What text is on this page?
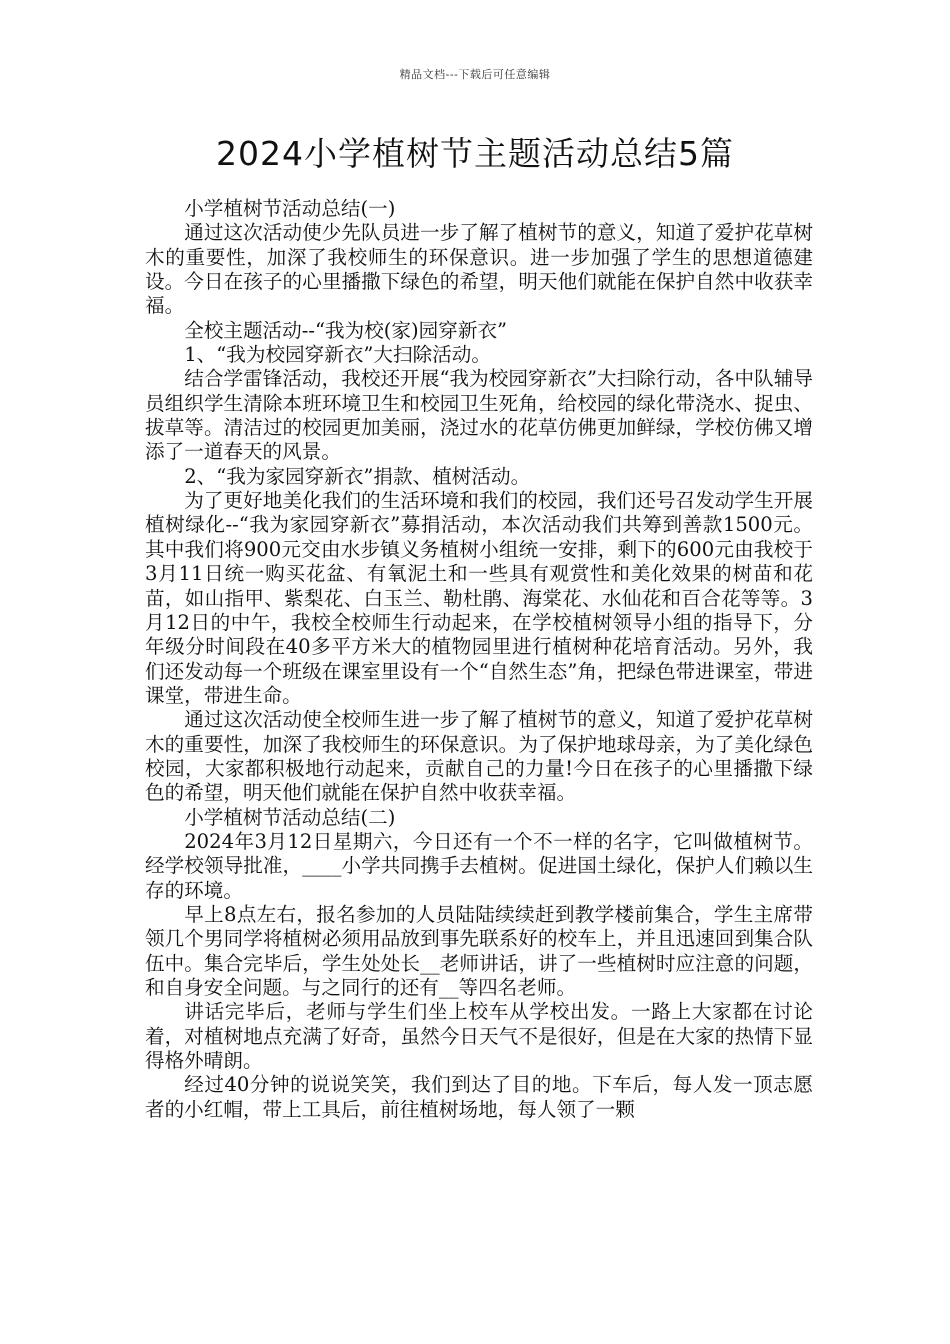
精品文档---下载后可任意编辑
2024小学植树节主题活动总结5篇

小学植树节活动总结(一)

通过这次活动使少先队员进一步了解了植树节的意义，知道了爱护花草树木的重要性，加深了我校师生的环保意识。进一步加强了学生的思想道德建设。今日在孩子的心里播撒下绿色的希望，明天他们就能在保护自然中收获幸福。

全校主题活动--“我为校(家)园穿新衣”

1、“我为校园穿新衣”大扫除活动。

结合学雷锋活动，我校还开展“我为校园穿新衣”大扫除行动，各中队辅导员组织学生清除本班环境卫生和校园卫生死角，给校园的绿化带浇水、捉虫、拔草等。清洁过的校园更加美丽，浇过水的花草仿佛更加鲜绿，学校仿佛又增添了一道春天的风景。

2、“我为家园穿新衣”捐款、植树活动。

为了更好地美化我们的生活环境和我们的校园，我们还号召发动学生开展植树绿化--“我为家园穿新衣”募捐活动，本次活动我们共筹到善款1500元。其中我们将900元交由水步镇义务植树小组统一安排，剩下的600元由我校于3月11日统一购买花盆、有氧泥土和一些具有观赏性和美化效果的树苗和花苗，如山指甲、紫梨花、白玉兰、勒杜鹃、海棠花、水仙花和百合花等等。3月12日的中午，我校全校师生行动起来，在学校植树领导小组的指导下，分年级分时间段在40多平方米大的植物园里进行植树种花培育活动。另外，我们还发动每一个班级在课室里设有一个“自然生态”角，把绿色带进课室，带进课堂，带进生命。

通过这次活动使全校师生进一步了解了植树节的意义，知道了爱护花草树木的重要性，加深了我校师生的环保意识。为了保护地球母亲，为了美化绿色校园，大家都积极地行动起来，贡献自己的力量!今日在孩子的心里播撒下绿色的希望，明天他们就能在保护自然中收获幸福。

小学植树节活动总结(二)

2024年3月12日星期六，今日还有一个不一样的名字，它叫做植树节。经学校领导批准，____小学共同携手去植树。促进国土绿化，保护人们赖以生存的环境。

早上8点左右，报名参加的人员陆陆续续赶到教学楼前集合，学生主席带领几个男同学将植树必须用品放到事先联系好的校车上，并且迅速回到集合队伍中。集合完毕后，学生处处长__老师讲话，讲了一些植树时应注意的问题，和自身安全问题。与之同行的还有__等四名老师。

讲话完毕后，老师与学生们坐上校车从学校出发。一路上大家都在讨论着，对植树地点充满了好奇，虽然今日天气不是很好，但是在大家的热情下显得格外晴朗。

经过40分钟的说说笑笑，我们到达了目的地。下车后，每人发一顶志愿者的小红帽，带上工具后，前往植树场地，每人领了一颗
